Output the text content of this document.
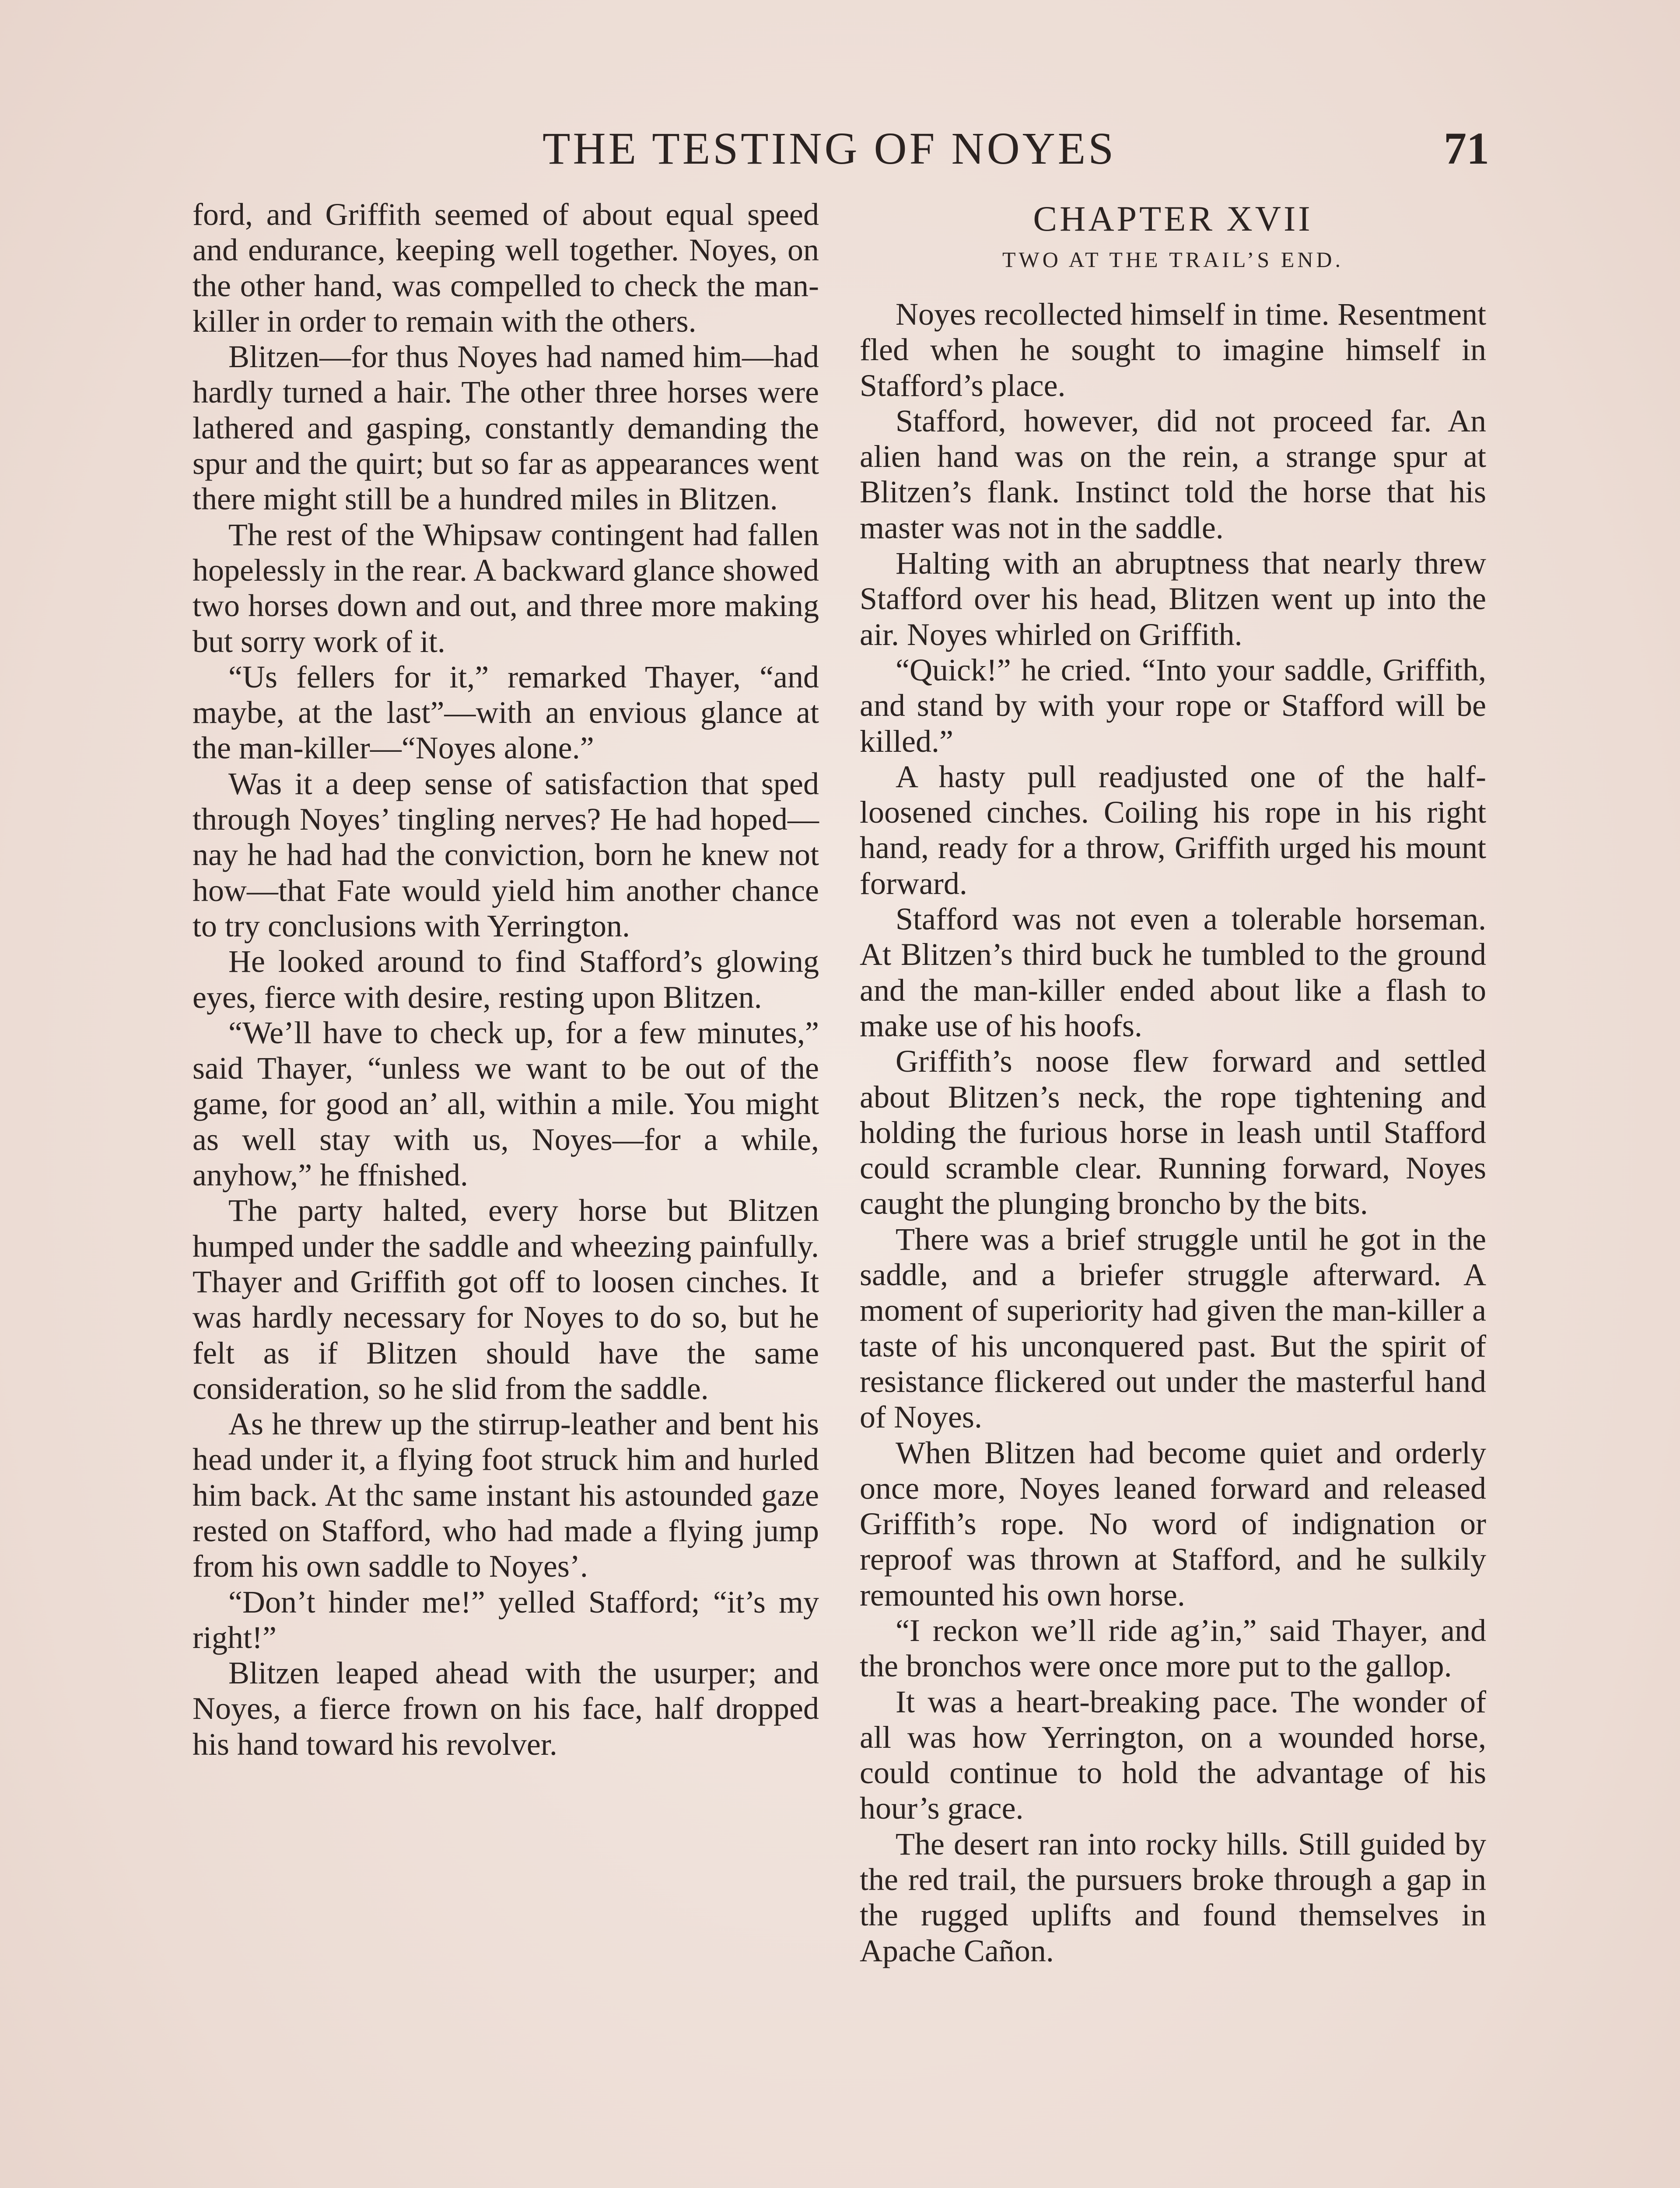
THE TESTING OF NOYES	71

ford, and Griffith seemed of about equal speed and endurance, keeping well together. Noyes, on the other hand, was compelled to check the man-killer in order to remain with the others.

Blitzen—for thus Noyes had named him—had hardly turned a hair. The other three horses were lathered and gasping, constantly demanding the spur and the quirt; but so far as appearances went there might still be a hundred miles in Blitzen.

The rest of the Whipsaw contingent had fallen hopelessly in the rear. A backward glance showed two horses down and out, and three more making but sorry work of it.

“Us fellers for it,” remarked Thayer, “and maybe, at the last”—with an envious glance at the man-killer—“Noyes alone.”

Was it a deep sense of satisfaction that sped through Noyes’ tingling nerves? He had hoped—nay he had had the conviction, born he knew not how—that Fate would yield him another chance to try conclusions with Yerrington.

He looked around to find Stafford’s glowing eyes, fierce with desire, resting upon Blitzen.

“We’ll have to check up, for a few minutes,” said Thayer, “unless we want to be out of the game, for good an’ all, within a mile. You might as well stay with us, Noyes—for a while, anyhow,” he ffnished.

The party halted, every horse but Blitzen humped under the saddle and wheezing painfully. Thayer and Griffith got off to loosen cinches. It was hardly necessary for Noyes to do so, but he felt as if Blitzen should have the same consideration, so he slid from the saddle.

As he threw up the stirrup-leather and bent his head under it, a flying foot struck him and hurled him back. At thc same instant his astounded gaze rested on Stafford, who had made a flying jump from his own saddle to Noyes’.

“Don’t hinder me!” yelled Stafford; “it’s my right!”

Blitzen leaped ahead with the usurper; and Noyes, a fierce frown on his face, half dropped his hand toward his revolver.

CHAPTER XVII
TWO AT THE TRAIL’S END.

Noyes recollected himself in time. Resentment fled when he sought to imagine himself in Stafford’s place.

Stafford, however, did not proceed far. An alien hand was on the rein, a strange spur at Blitzen’s flank. Instinct told the horse that his master was not in the saddle.

Halting with an abruptness that nearly threw Stafford over his head, Blitzen went up into the air. Noyes whirled on Griffith.

“Quick!” he cried. “Into your saddle, Griffith, and stand by with your rope or Stafford will be killed.”

A hasty pull readjusted one of the half-loosened cinches. Coiling his rope in his right hand, ready for a throw, Griffith urged his mount forward.

Stafford was not even a tolerable horseman. At Blitzen’s third buck he tumbled to the ground and the man-killer ended about like a flash to make use of his hoofs.

Griffith’s noose flew forward and settled about Blitzen’s neck, the rope tightening and holding the furious horse in leash until Stafford could scramble clear. Running forward, Noyes caught the plunging broncho by the bits.

There was a brief struggle until he got in the saddle, and a briefer struggle afterward. A moment of superiority had given the man-killer a taste of his unconquered past. But the spirit of resistance flickered out under the masterful hand of Noyes.

When Blitzen had become quiet and orderly once more, Noyes leaned forward and released Griffith’s rope. No word of indignation or reproof was thrown at Stafford, and he sulkily remounted his own horse.

“I reckon we’ll ride ag’in,” said Thayer, and the bronchos were once more put to the gallop.

It was a heart-breaking pace. The wonder of all was how Yerrington, on a wounded horse, could continue to hold the advantage of his hour’s grace.

The desert ran into rocky hills. Still guided by the red trail, the pursuers broke through a gap in the rugged uplifts and found themselves in Apache Cañon.
